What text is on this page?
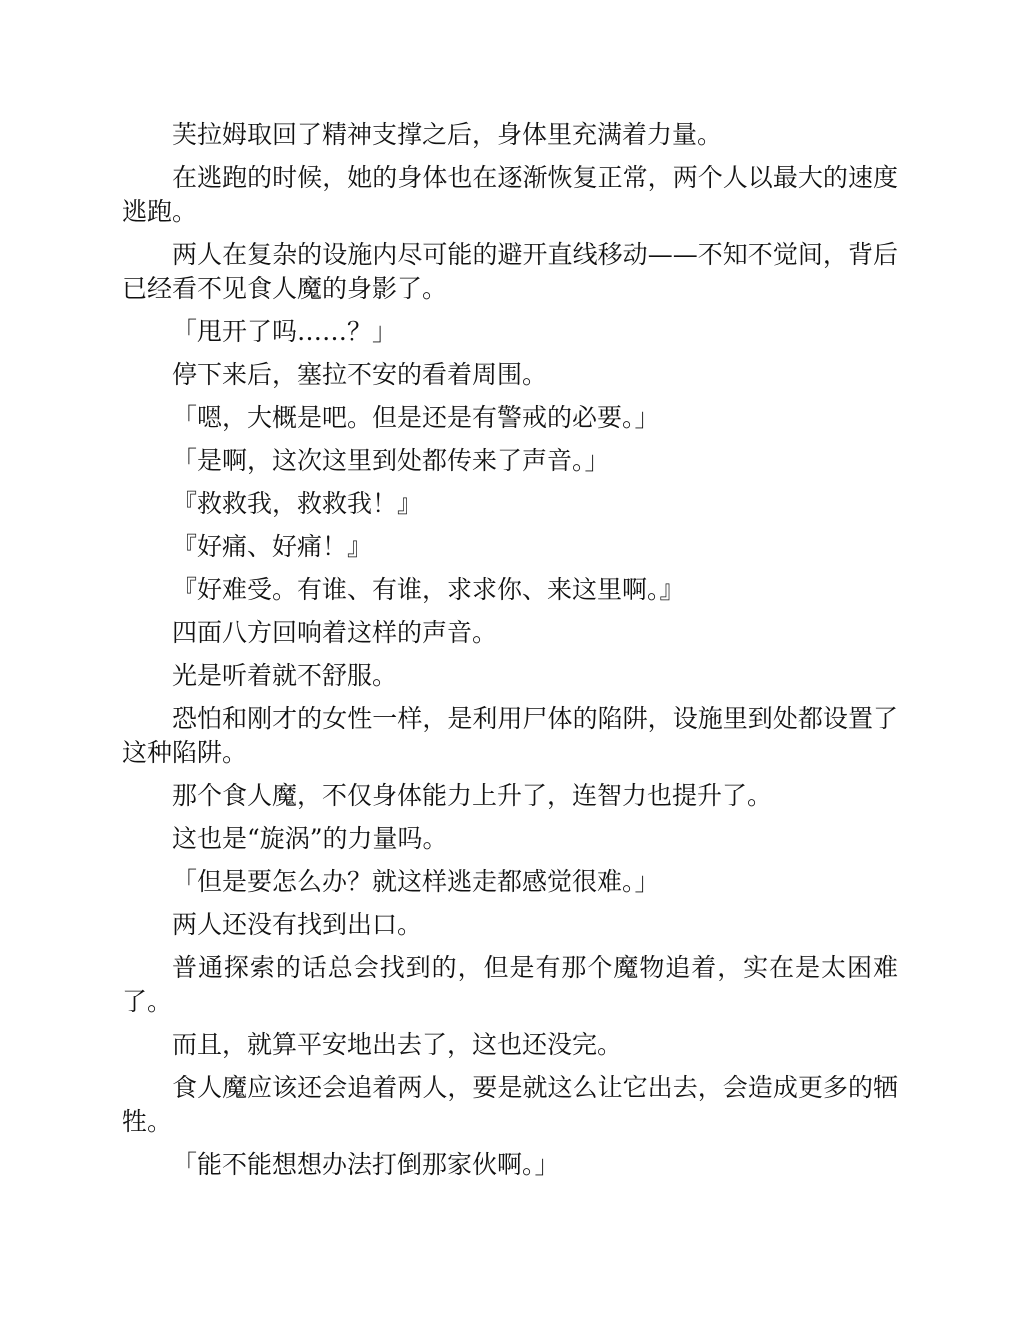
芙拉姆取回了精神支撑之后，身体里充满着力量。

在逃跑的时候，她的身体也在逐渐恢复正常，两个人以最大的速度逃跑。

两人在复杂的设施内尽可能的避开直线移动——不知不觉间，背后已经看不见食人魔的身影了。

「甩开了吗……？」

停下来后，塞拉不安的看着周围。

「嗯，大概是吧。但是还是有警戒的必要。」

「是啊，这次这里到处都传来了声音。」

『救救我，救救我！』

『好痛、好痛！』

『好难受。有谁、有谁，求求你、来这里啊。』

四面八方回响着这样的声音。

光是听着就不舒服。

恐怕和刚才的女性一样，是利用尸体的陷阱，设施里到处都设置了这种陷阱。

那个食人魔，不仅身体能力上升了，连智力也提升了。

这也是“旋涡”的力量吗。

「但是要怎么办？就这样逃走都感觉很难。」

两人还没有找到出口。

普通探索的话总会找到的，但是有那个魔物追着，实在是太困难了。

而且，就算平安地出去了，这也还没完。

食人魔应该还会追着两人，要是就这么让它出去，会造成更多的牺牲。

「能不能想想办法打倒那家伙啊。」
